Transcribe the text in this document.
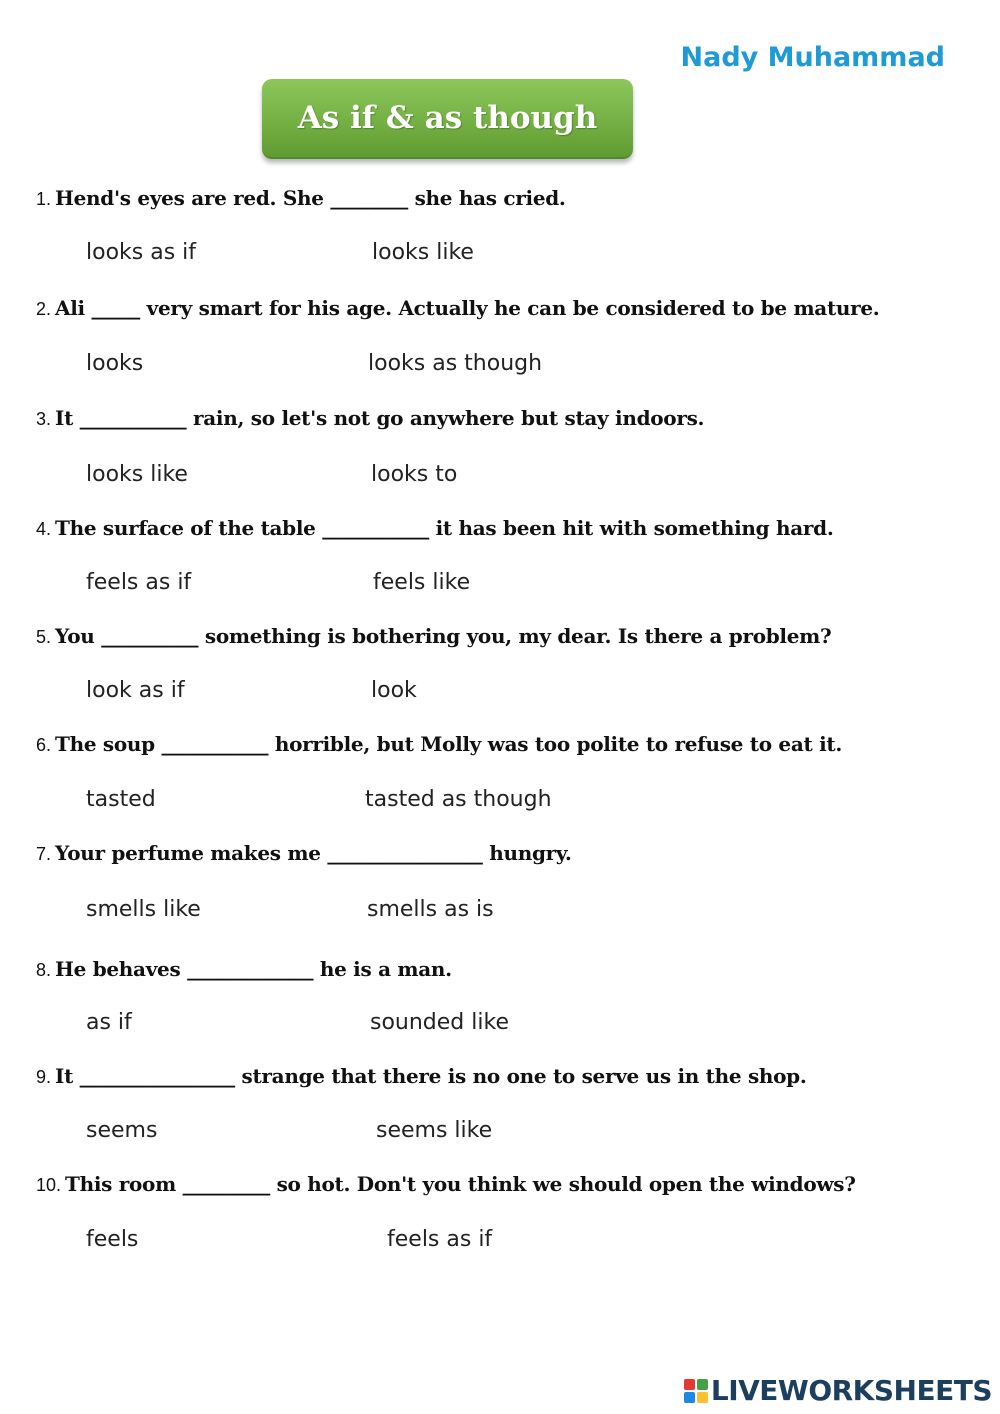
Nady Muhammad
As if & as though
1. Hend's eyes are red. She ________ she has cried.
looks as if	looks like
2. Ali _____ very smart for his age. Actually he can be considered to be mature.
looks	looks as though
3. It ___________ rain, so let's not go anywhere but stay indoors.
looks like	looks to
4. The surface of the table ___________ it has been hit with something hard.
feels as if	feels like
5. You __________ something is bothering you, my dear. Is there a problem?
look as if	look
6. The soup ___________ horrible, but Molly was too polite to refuse to eat it.
tasted	tasted as though
7. Your perfume makes me ________________ hungry.
smells like	smells as is
8. He behaves _____________ he is a man.
as if	sounded like
9. It ________________ strange that there is no one to serve us in the shop.
seems	seems like
10. This room _________ so hot. Don't you think we should open the windows?
feels	feels as if
LIVEWORKSHEETS
